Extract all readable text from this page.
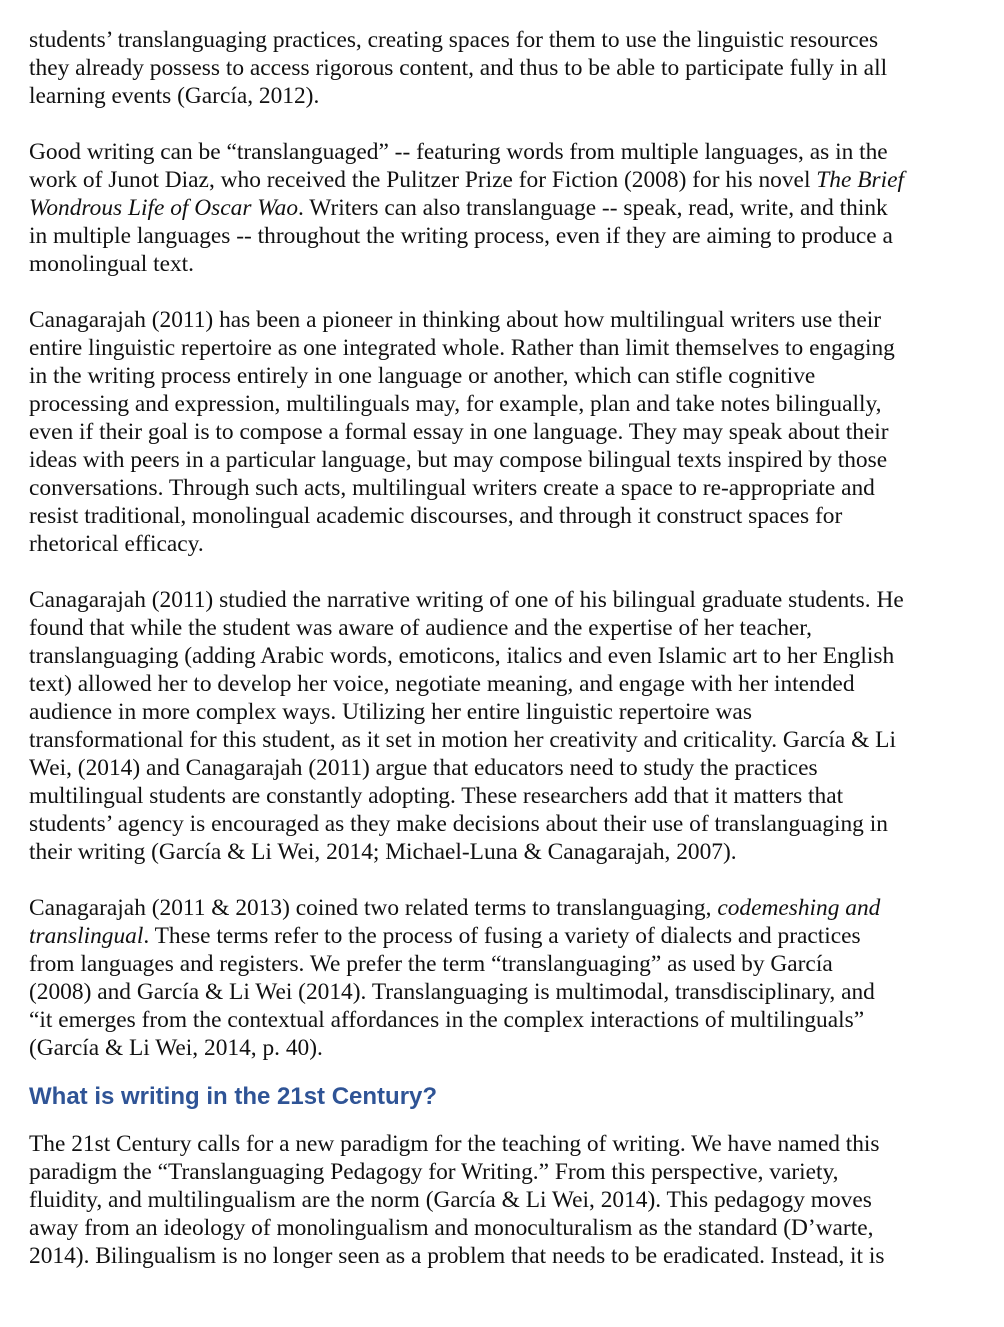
students’ translanguaging practices, creating spaces for them to use the linguistic resources
they already possess to access rigorous content, and thus to be able to participate fully in all
learning events (García, 2012).
Good writing can be “translanguaged” -- featuring words from multiple languages, as in the
work of Junot Diaz, who received the Pulitzer Prize for Fiction (2008) for his novel The Brief
Wondrous Life of Oscar Wao. Writers can also translanguage -- speak, read, write, and think
in multiple languages -- throughout the writing process, even if they are aiming to produce a
monolingual text.
Canagarajah (2011) has been a pioneer in thinking about how multilingual writers use their
entire linguistic repertoire as one integrated whole. Rather than limit themselves to engaging
in the writing process entirely in one language or another, which can stifle cognitive
processing and expression, multilinguals may, for example, plan and take notes bilingually,
even if their goal is to compose a formal essay in one language. They may speak about their
ideas with peers in a particular language, but may compose bilingual texts inspired by those
conversations. Through such acts, multilingual writers create a space to re-appropriate and
resist traditional, monolingual academic discourses, and through it construct spaces for
rhetorical efficacy.
Canagarajah (2011) studied the narrative writing of one of his bilingual graduate students. He
found that while the student was aware of audience and the expertise of her teacher,
translanguaging (adding Arabic words, emoticons, italics and even Islamic art to her English
text) allowed her to develop her voice, negotiate meaning, and engage with her intended
audience in more complex ways. Utilizing her entire linguistic repertoire was
transformational for this student, as it set in motion her creativity and criticality. García & Li
Wei, (2014) and Canagarajah (2011) argue that educators need to study the practices
multilingual students are constantly adopting. These researchers add that it matters that
students’ agency is encouraged as they make decisions about their use of translanguaging in
their writing (García & Li Wei, 2014; Michael-Luna & Canagarajah, 2007).
Canagarajah (2011 & 2013) coined two related terms to translanguaging, codemeshing and
translingual. These terms refer to the process of fusing a variety of dialects and practices
from languages and registers. We prefer the term “translanguaging” as used by García
(2008) and García & Li Wei (2014). Translanguaging is multimodal, transdisciplinary, and
“it emerges from the contextual affordances in the complex interactions of multilinguals”
(García & Li Wei, 2014, p. 40).
What is writing in the 21st Century?
The 21st Century calls for a new paradigm for the teaching of writing. We have named this
paradigm the “Translanguaging Pedagogy for Writing.” From this perspective, variety,
fluidity, and multilingualism are the norm (García & Li Wei, 2014). This pedagogy moves
away from an ideology of monolingualism and monoculturalism as the standard (D’warte,
2014). Bilingualism is no longer seen as a problem that needs to be eradicated. Instead, it is
